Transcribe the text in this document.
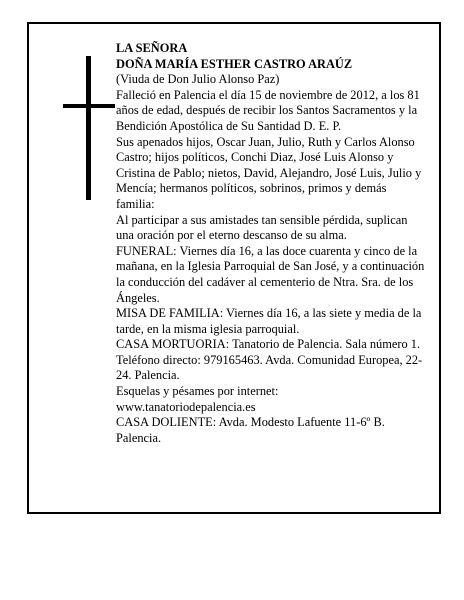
LA SEÑORA

DOÑA MARÍA ESTHER CASTRO ARAÚZ

(Viuda de Don Julio Alonso Paz)

Falleció en Palencia el día 15 de noviembre de 2012, a los 81 años de edad, después de recibir los Santos Sacramentos y la Bendición Apostólica de Su Santidad D. E. P.

Sus apenados hijos, Oscar Juan, Julio, Ruth y Carlos Alonso Castro; hijos políticos, Conchi Diaz, José Luis Alonso y Cristina de Pablo; nietos, David, Alejandro, José Luis, Julio y Mencía; hermanos políticos, sobrinos, primos y demás familia:

Al participar a sus amistades tan sensible pérdida, suplican una oración por el eterno descanso de su alma.

FUNERAL: Viernes día 16, a las doce cuarenta y cinco de la mañana, en la Iglesia Parroquial de San José, y a continuación la conducción del cadáver al cementerio de Ntra. Sra. de los Ángeles.

MISA DE FAMILIA: Viernes día 16, a las siete y media de la tarde, en la misma iglesia parroquial.

CASA MORTUORIA: Tanatorio de Palencia. Sala número 1. Teléfono directo: 979165463. Avda. Comunidad Europea, 22-24. Palencia.

Esquelas y pésames por internet:

www.tanatoriodepalencia.es

CASA DOLIENTE: Avda. Modesto Lafuente 11-6º B. Palencia.
